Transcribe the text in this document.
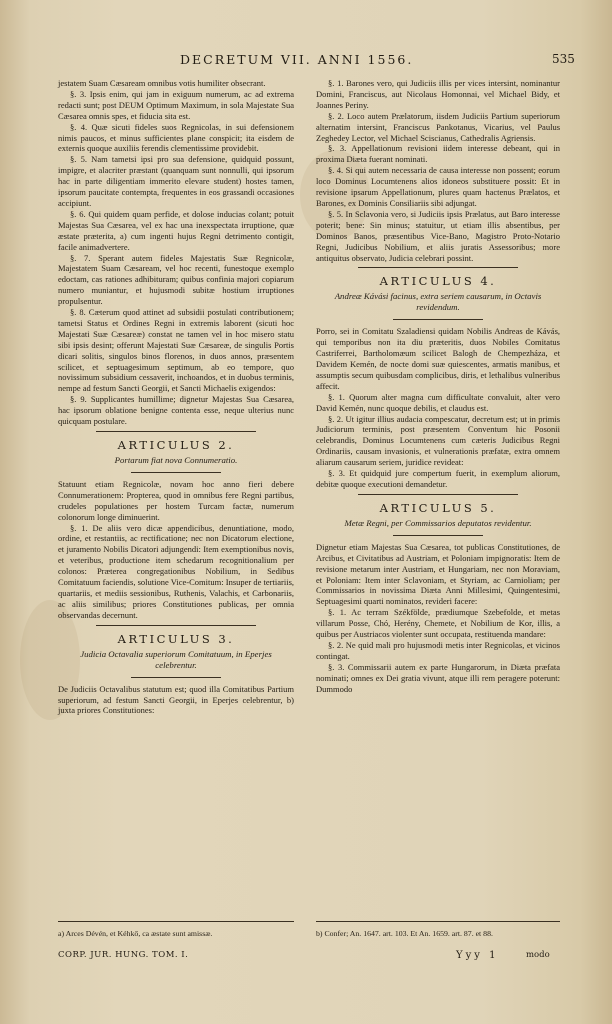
DECRETUM VII. ANNI 1556.	535

jestatem Suam Cæsaream omnibus votis humiliter obsecrant.

§. 3. Ipsis enim, qui jam in exiguum numerum, ac ad extrema redacti sunt; post DEUM Optimum Maximum, in sola Majestate Sua Cæsarea omnis spes, et fiducia sita est.

§. 4. Quæ sicuti fideles suos Regnicolas, in sui defensionem nimis paucos, et minus sufficientes plane conspicit; ita eisdem de externis quoque auxiliis ferendis clementissime providebit.

§. 5. Nam tametsi ipsi pro sua defensione, quidquid possunt, impigre, et alacriter præstant (quanquam sunt nonnulli, qui ipsorum hac in parte diligentiam immerito elevare student) hostes tamen, ipsorum paucitate contempta, frequentes in eos grassandi occasiones accipiunt.

§. 6. Qui quidem quam perfide, et dolose inducias colant; potuit Majestas Sua Cæsarea, vel ex hac una inexspectata irruptione, quæ æstate præterita, a) cum ingenti hujus Regni detrimento contigit, facile animadvertere.

§. 7. Sperant autem fideles Majestatis Suæ Regnicolæ, Majestatem Suam Cæsaream, vel hoc recenti, funestoque exemplo edoctam, cas rationes adhibituram; quibus confinia majori copiarum numero muniantur, et hujusmodi subitæ hostium irruptiones propulsentur.

§. 8. Cæterum quod attinet ad subsidii postulati contributionem; tametsi Status et Ordines Regni in extremis laborent (sicuti hoc Majestati Suæ Cæsareæ) constat ne tamen vel in hoc misero statu sibi ipsis desint; offerunt Majestati Suæ Cæsareæ, de singulis Portis dicari solitis, singulos binos florenos, in duos annos, præsentem scilicet, et septuagesimum septimum, ab eo tempore, quo novissimum subsidium cessaverit, inchoandos, et in duobus terminis, nempe ad festum Sancti Georgii, et Sancti Michaelis exigendos:

§. 9. Supplicantes humillime; dignetur Majestas Sua Cæsarea, hac ipsorum oblatione benigne contenta esse, neque ulterius nunc quicquam postulare.

ARTICULUS 2.
Portarum fiat nova Connumeratio.

Statuunt etiam Regnicolæ, novam hoc anno fieri debere Connumerationem: Propterea, quod in omnibus fere Regni partibus, crudeles populationes per hostem Turcam factæ, numerum colonorum longe diminuerint.

§. 1. De aliis vero dicæ appendicibus, denuntiatione, modo, ordine, et restantiis, ac rectificatione; nec non Dicatorum electione, et juramento Nobilis Dicatori adjungendi: Item exemptionibus novis, et veteribus, productione item schedarum recognitionalium per colonos: Præterea congregationibus Nobilium, in Sedibus Comitatuum faciendis, solutione Vice-Comitum: Insuper de tertiariis, quartariis, et mediis sessionibus, Ruthenis, Valachis, et Carbonariis, ac aliis similibus; priores Constitutiones publicas, per omnia observandas decernunt.

ARTICULUS 3.
Judicia Octavalia superiorum Comitatuum, in Eperjes celebrentur.

De Judiciis Octavalibus statutum est; quod illa Comitatibus Partium superiorum, ad festum Sancti Georgii, in Eperjes celebrentur, b) juxta priores Constitutiones:

§. 1. Barones vero, qui Judiciis illis per vices intersint, nominantur Domini, Franciscus, aut Nicolaus Homonnai, vel Michael Bidy, et Joannes Periny.

§. 2. Loco autem Prælatorum, iisdem Judiciis Partium superiorum alternatim intersint, Franciscus Pankotanus, Vicarius, vel Paulus Zeghedey Lector, vel Michael Sciscianus, Cathedralis Agriensis.

§. 3. Appellationum revisioni iidem interesse debeant, qui in proxima Diæta fuerant nominati.

§. 4. Si qui autem necessaria de causa interesse non possent; eorum loco Dominus Locumtenens alios idoneos substituere possit: Et in revisione ipsarum Appellationum, plures quam hactenus Prælatos, et Barones, ex Dominis Consiliariis sibi adjungat.

§. 5. In Sclavonia vero, si Judiciis ipsis Prælatus, aut Baro interesse poterit; bene: Sin minus; statuitur, ut etiam illis absentibus, per Dominos Banos, præsentibus Vice-Bano, Magistro Proto-Notario Regni, Judicibus Nobilium, et aliis juratis Assessoribus; more antiquitus observato, Judicia celebrari possint.

ARTICULUS 4.
Andreæ Kávási facinus, extra seriem causarum, in Octavis revidendum.

Porro, sei in Comitatu Szaladiensi quidam Nobilis Andreas de Kávás, qui temporibus non ita diu præteritis, duos Nobiles Comitatus Castriferrei, Bartholomæum scilicet Balogh de Chempezháza, et Davidem Kemén, de nocte domi suæ quiescentes, armatis manibus, et assumptis secum quibusdam complicibus, diris, et lethalibus vulneribus affecit.

§. 1. Quorum alter magna cum difficultate convaluit, alter vero David Kemén, nunc quoque debilis, et claudus est.

§. 2. Ut igitur illius audacia compescatur, decretum est; ut in primis Judiciorum terminis, post præsentem Conventum hic Posonii celebrandis, Dominus Locumtenens cum cæteris Judicibus Regni Ordinariis, causam invasionis, et vulnerationis præfatæ, extra omnem aliarum causarum seriem, juridice revideat:

§. 3. Et quidquid jure compertum fuerit, in exemplum aliorum, debitæ quoque executioni demandetur.

ARTICULUS 5.
Metæ Regni, per Commissarios deputatos revidentur.

Dignetur etiam Majestas Sua Cæsarea, tot publicas Constitutiones, de Arcibus, et Civitatibus ad Austriam, et Poloniam impignoratis: Item de revisione metarum inter Austriam, et Hungariam, nec non Moraviam, et Poloniam: Item inter Sclavoniam, et Styriam, ac Carnioliam; per Commissarios in novissima Diæta Anni Millesimi, Quingentesimi, Septuagesimi quarti nominatos, revideri facere:

§. 1. Ac terram Székfölde, prædiumque Szebefolde, et metas villarum Posse, Chó, Herény, Chemete, et Nobilium de Kor, illis, a quibus per Austriacos violenter sunt occupata, restituenda mandare:

§. 2. Ne quid mali pro hujusmodi metis inter Regnicolas, et vicinos contingat.

§. 3. Commissarii autem ex parte Hungarorum, in Diæta præfata nominati; omnes ex Dei gratia vivunt, atque illi rem peragere poterunt: Dummodo

a) Arces Dévén, et Kéhkő, ca æstate sunt amissæ.	b) Confer; An. 1647. art. 103. Et An. 1659. art. 87. et 88.
CORP. JUR. HUNG. TOM. I.	Yyy 1	modo
